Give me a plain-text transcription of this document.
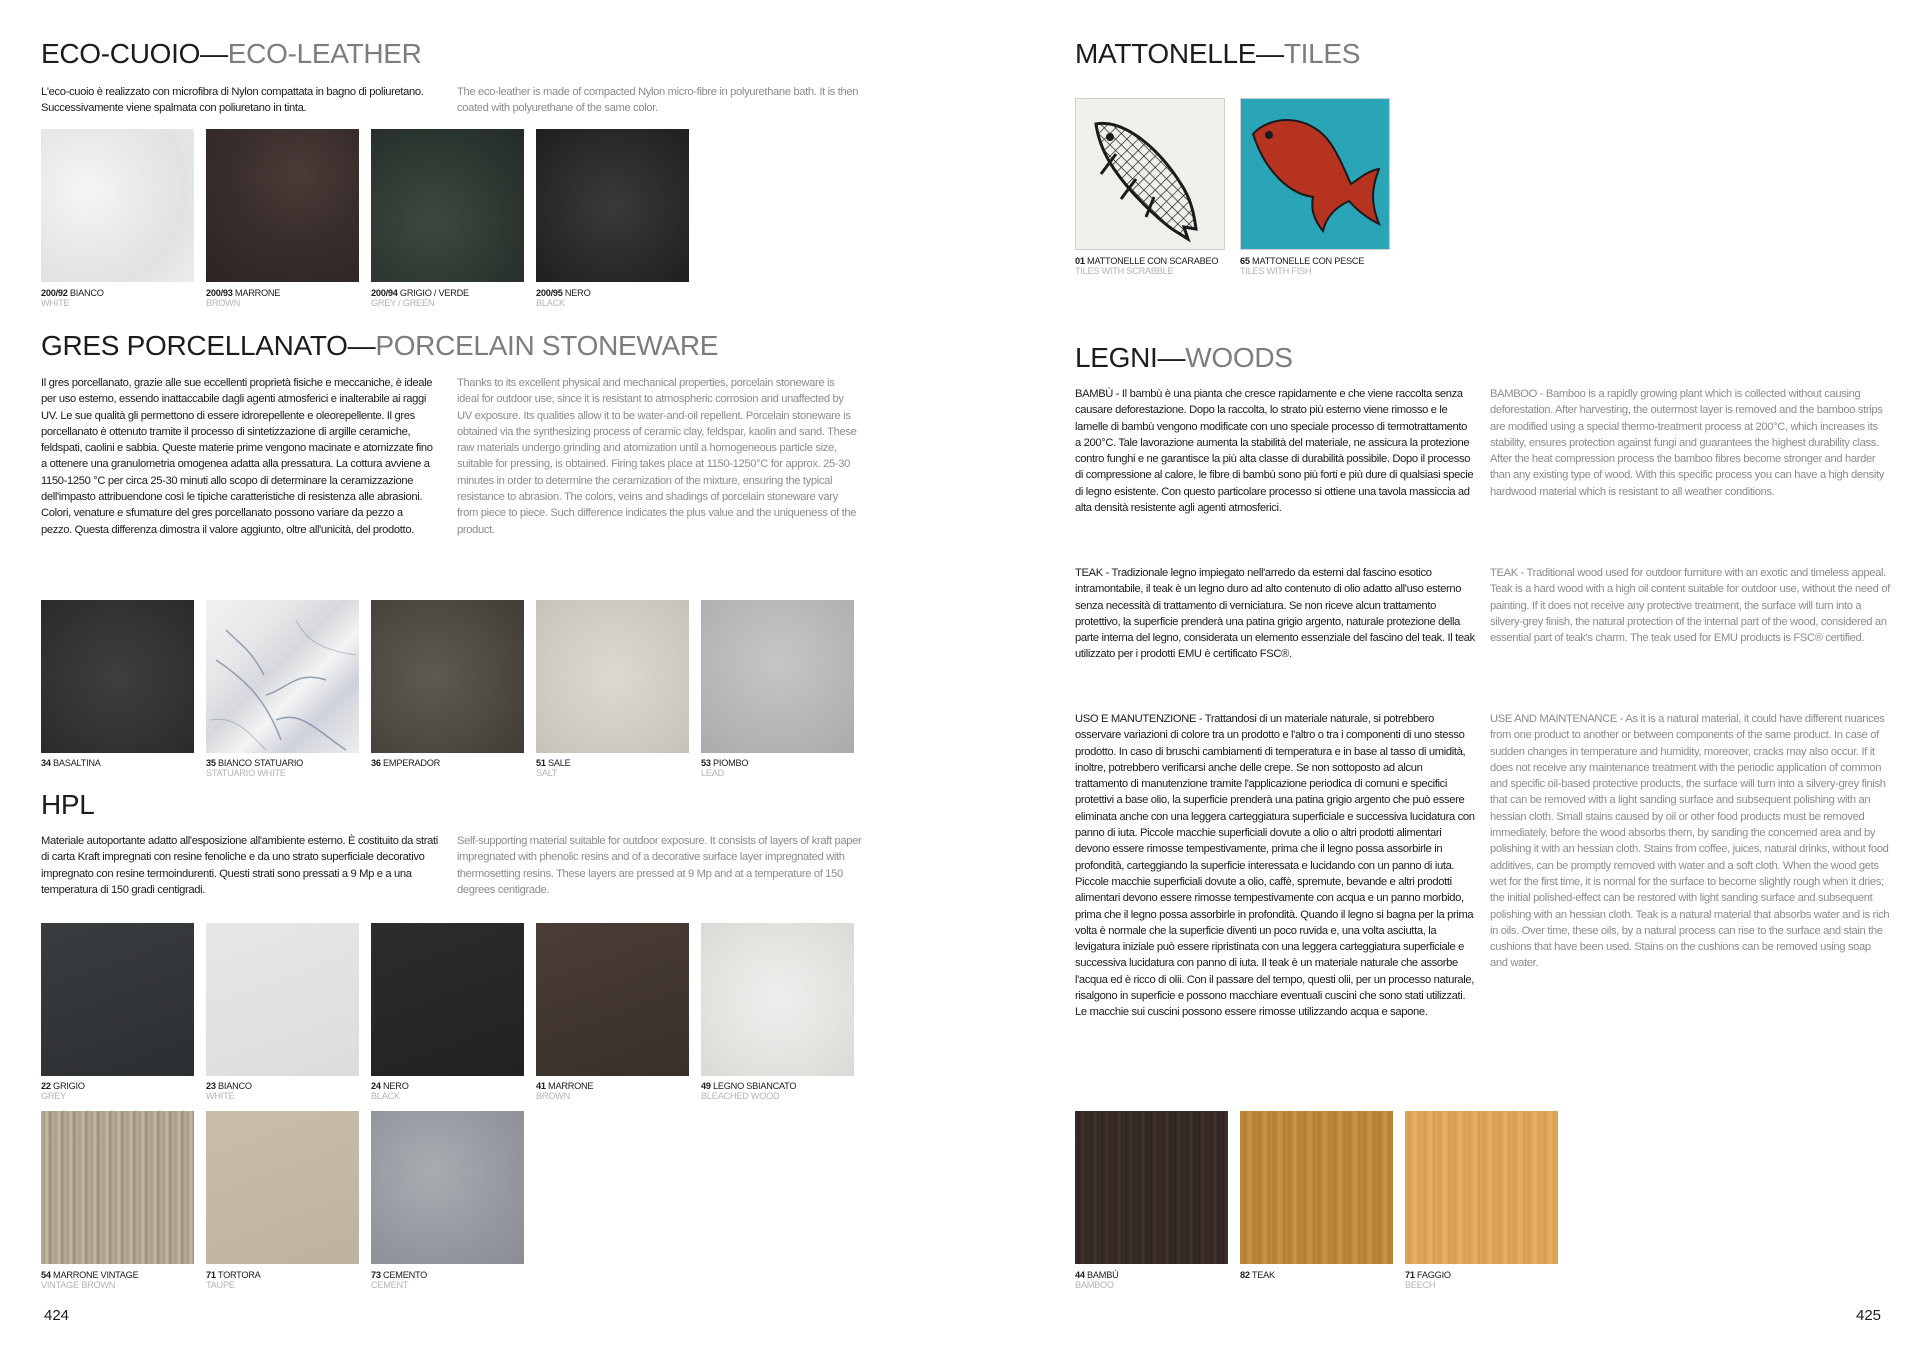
ECO-CUOIO—ECO-LEATHER

L'eco-cuoio è realizzato con microfibra di Nylon compattata in bagno di poliuretano. Successivamente viene spalmata con poliuretano in tinta.

The eco-leather is made of compacted Nylon micro-fibre in polyurethane bath. It is then coated with polyurethane of the same color.

200/92 BIANCO
WHITE
200/93 MARRONE
BROWN
200/94 GRIGIO / VERDE
GREY / GREEN
200/95 NERO
BLACK
GRES PORCELLANATO—PORCELAIN STONEWARE

Il gres porcellanato, grazie alle sue eccellenti proprietà fisiche e meccaniche, è ideale per uso esterno, essendo inattaccabile dagli agenti atmosferici e inalterabile ai raggi UV. Le sue qualità gli permettono di essere idrorepellente e oleorepellente. Il gres porcellanato è ottenuto tramite il processo di sintetizzazione di argille ceramiche, feldspati, caolini e sabbia. Queste materie prime vengono macinate e atomizzate fino a ottenere una granulometria omogenea adatta alla pressatura. La cottura avviene a 1150-1250 °C per circa 25-30 minuti allo scopo di determinare la ceramizzazione dell'impasto attribuendone così le tipiche caratteristiche di resistenza alle abrasioni. Colori, venature e sfumature del gres porcellanato possono variare da pezzo a pezzo. Questa differenza dimostra il valore aggiunto, oltre all'unicità, del prodotto.

Thanks to its excellent physical and mechanical properties, porcelain stoneware is ideal for outdoor use, since it is resistant to atmospheric corrosion and unaffected by UV exposure. Its qualities allow it to be water-and-oil repellent. Porcelain stoneware is obtained via the synthesizing process of ceramic clay, feldspar, kaolin and sand. These raw materials undergo grinding and atomization until a homogeneous particle size, suitable for pressing, is obtained. Firing takes place at 1150-1250°C for approx. 25-30 minutes in order to determine the ceramization of the mixture, ensuring the typical resistance to abrasion. The colors, veins and shadings of porcelain stoneware vary from piece to piece. Such difference indicates the plus value and the uniqueness of the product.

34 BASALTINA	35 BIANCO STATUARIO
STATUARIO WHITE
36 EMPERADOR	51 SALE
SALT
53 PIOMBO
LEAD
HPL

Materiale autoportante adatto all'esposizione all'ambiente esterno. È costituito da strati di carta Kraft impregnati con resine fenoliche e da uno strato superficiale decorativo impregnato con resine termoindurenti. Questi strati sono pressati a 9 Mp e a una temperatura di 150 gradi centigradi.

Self-supporting material suitable for outdoor exposure. It consists of layers of kraft paper impregnated with phenolic resins and of a decorative surface layer impregnated with thermosetting resins. These layers are pressed at 9 Mp and at a temperature of 150 degrees centigrade.

22 GRIGIO
GREY
23 BIANCO
WHITE
24 NERO
BLACK
41 MARRONE
BROWN
49 LEGNO SBIANCATO
BLEACHED WOOD
54 MARRONE VINTAGE
VINTAGE BROWN
71 TORTORA
TAUPE
73 CEMENTO
CEMENT
424
MATTONELLE—TILES
01 MATTONELLE CON SCARABEO
TILES WITH SCRABBLE
65 MATTONELLE CON PESCE
TILES WITH FISH
LEGNI—WOODS

BAMBÙ - Il bambù è una pianta che cresce rapidamente e che viene raccolta senza causare deforestazione. Dopo la raccolta, lo strato più esterno viene rimosso e le lamelle di bambù vengono modificate con uno speciale processo di termotrattamento a 200°C. Tale lavorazione aumenta la stabilità del materiale, ne assicura la protezione contro funghi e ne garantisce la più alta classe di durabilità possibile. Dopo il processo di compressione al calore, le fibre di bambù sono più forti e più dure di qualsiasi specie di legno esistente. Con questo particolare processo si ottiene una tavola massiccia ad alta densità resistente agli agenti atmosferici.

BAMBOO - Bamboo is a rapidly growing plant which is collected without causing deforestation. After harvesting, the outermost layer is removed and the bamboo strips are modified using a special thermo-treatment process at 200°C, which increases its stability, ensures protection against fungi and guarantees the highest durability class. After the heat compression process the bamboo fibres become stronger and harder than any existing type of wood. With this specific process you can have a high density hardwood material which is resistant to all weather conditions.

TEAK - Tradizionale legno impiegato nell'arredo da esterni dal fascino esotico intramontabile, il teak è un legno duro ad alto contenuto di olio adatto all'uso esterno senza necessità di trattamento di verniciatura. Se non riceve alcun trattamento protettivo, la superficie prenderà una patina grigio argento, naturale protezione della parte interna del legno, considerata un elemento essenziale del fascino del teak. Il teak utilizzato per i prodotti EMU è certificato FSC®.

TEAK - Traditional wood used for outdoor furniture with an exotic and timeless appeal. Teak is a hard wood with a high oil content suitable for outdoor use, without the need of painting. If it does not receive any protective treatment, the surface will turn into a silvery-grey finish, the natural protection of the internal part of the wood, considered an essential part of teak's charm. The teak used for EMU products is FSC® certified.

USO E MANUTENZIONE - Trattandosi di un materiale naturale, si potrebbero osservare variazioni di colore tra un prodotto e l'altro o tra i componenti di uno stesso prodotto. In caso di bruschi cambiamenti di temperatura e in base al tasso di umidità, inoltre, potrebbero verificarsi anche delle crepe. Se non sottoposto ad alcun trattamento di manutenzione tramite l'applicazione periodica di comuni e specifici protettivi a base olio, la superficie prenderà una patina grigio argento che può essere eliminata anche con una leggera carteggiatura superficiale e successiva lucidatura con panno di iuta. Piccole macchie superficiali dovute a olio o altri prodotti alimentari devono essere rimosse tempestivamente, prima che il legno possa assorbirle in profondità, carteggiando la superficie interessata e lucidando con un panno di iuta. Piccole macchie superficiali dovute a olio, caffè, spremute, bevande e altri prodotti alimentari devono essere rimosse tempestivamente con acqua e un panno morbido, prima che il legno possa assorbirle in profondità. Quando il legno si bagna per la prima volta è normale che la superficie diventi un poco ruvida e, una volta asciutta, la levigatura iniziale può essere ripristinata con una leggera carteggiatura superficiale e successiva lucidatura con panno di iuta. Il teak è un materiale naturale che assorbe l'acqua ed è ricco di olii. Con il passare del tempo, questi olii, per un processo naturale, risalgono in superficie e possono macchiare eventuali cuscini che sono stati utilizzati. Le macchie sui cuscini possono essere rimosse utilizzando acqua e sapone.

USE AND MAINTENANCE - As it is a natural material, it could have different nuances from one product to another or between components of the same product. In case of sudden changes in temperature and humidity, moreover, cracks may also occur. If it does not receive any maintenance treatment with the periodic application of common and specific oil-based protective products, the surface will turn into a silvery-grey finish that can be removed with a light sanding surface and subsequent polishing with an hessian cloth. Small stains caused by oil or other food products must be removed immediately, before the wood absorbs them, by sanding the concerned area and by polishing it with an hessian cloth. Stains from coffee, juices, natural drinks, without food additives, can be promptly removed with water and a soft cloth. When the wood gets wet for the first time, it is normal for the surface to become slightly rough when it dries; the initial polished-effect can be restored with light sanding surface and subsequent polishing with an hessian cloth. Teak is a natural material that absorbs water and is rich in oils. Over time, these oils, by a natural process can rise to the surface and stain the cushions that have been used. Stains on the cushions can be removed using soap and water.

44 BAMBÙ
BAMBOO
82 TEAK	71 FAGGIO
BEECH
425
